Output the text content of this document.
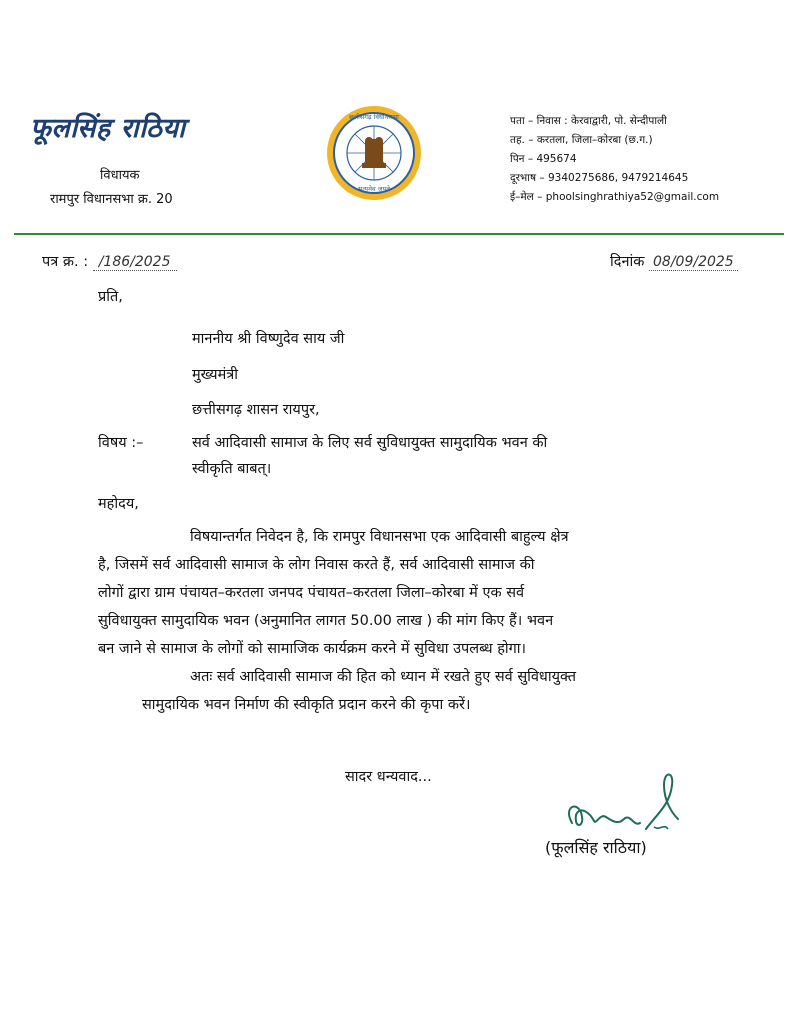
फूलसिंह राठिया
विधायक
रामपुर विधानसभा क्र. 20
छत्तीसगढ़ विधानसभा
सत्यमेव जयते
पता – निवास : केरवाद्वारी, पो. सेन्दीपाली
तह. – करतला, जिला–कोरबा (छ.ग.)
पिन – 495674
दूरभाष – 9340275686, 9479214645
ई–मेल – phoolsinghrathiya52@gmail.com
पत्र क्र. : /186/2025	दिनांक 08/09/2025
प्रति,
माननीय श्री विष्णुदेव साय जी
मुख्यमंत्री
छत्तीसगढ़ शासन रायपुर,
विषय :–	सर्व आदिवासी सामाज के लिए सर्व सुविधायुक्त सामुदायिक भवन की
स्वीकृति बाबत्।
महोदय,
विषयान्तर्गत निवेदन है, कि रामपुर विधानसभा एक आदिवासी बाहुल्य क्षेत्र
है, जिसमें सर्व आदिवासी सामाज के लोग निवास करते हैं, सर्व आदिवासी सामाज की
लोगों द्वारा ग्राम पंचायत–करतला जनपद पंचायत–करतला जिला–कोरबा में एक सर्व
सुविधायुक्त सामुदायिक भवन (अनुमानित लागत 50.00 लाख ) की मांग किए हैं। भवन
बन जाने से सामाज के लोगों को सामाजिक कार्यक्रम करने में सुविधा उपलब्ध होगा।
अतः सर्व आदिवासी सामाज की हित को ध्यान में रखते हुए सर्व सुविधायुक्त
सामुदायिक भवन निर्माण की स्वीकृति प्रदान करने की कृपा करें।
सादर धन्यवाद...
(फूलसिंह राठिया)
